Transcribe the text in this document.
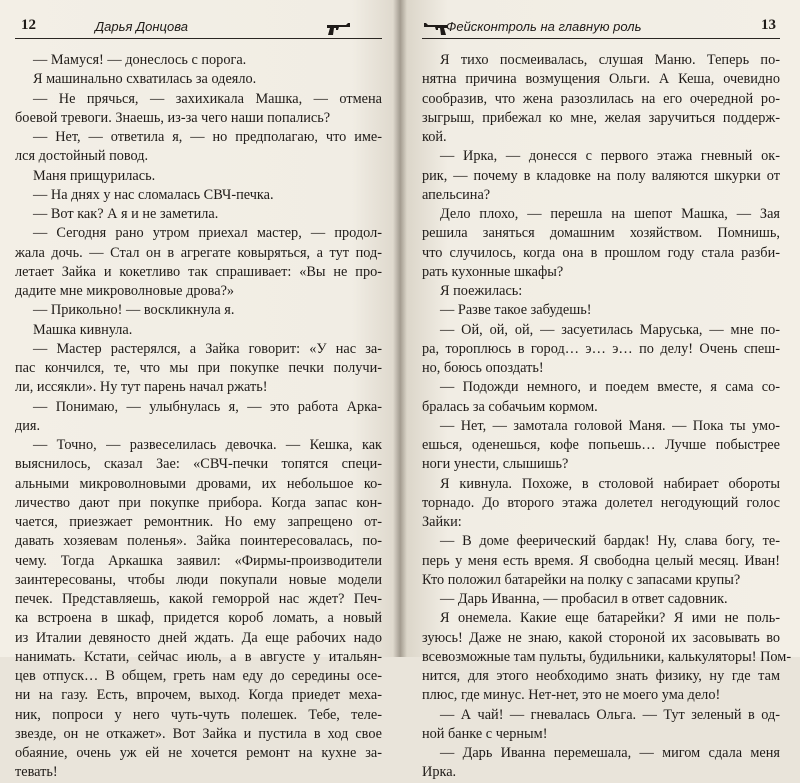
12	Дарья Донцова
— Мамуся! — донеслось с порога.
Я машинально схватилась за одеяло.
— Не прячься, — захихикала Машка, — отмена
боевой тревоги. Знаешь, из-за чего наши попались?
— Нет, — ответила я, — но предполагаю, что име-
лся достойный повод.
Маня прищурилась.
— На днях у нас сломалась СВЧ-печка.
— Вот как? А я и не заметила.
— Сегодня рано утром приехал мастер, — продол-
жала дочь. — Стал он в агрегате ковыряться, а тут под-
летает Зайка и кокетливо так спрашивает: «Вы не про-
дадите мне микроволновые дрова?»
— Прикольно! — воскликнула я.
Машка кивнула.
— Мастер растерялся, а Зайка говорит: «У нас за-
пас кончился, те, что мы при покупке печки получи-
ли, иссякли». Ну тут парень начал ржать!
— Понимаю, — улыбнулась я, — это работа Арка-
дия.
— Точно, — развеселилась девочка. — Кешка, как
выяснилось, сказал Зае: «СВЧ-печки топятся специ-
альными микроволновыми дровами, их небольшое ко-
личество дают при покупке прибора. Когда запас кон-
чается, приезжает ремонтник. Но ему запрещено от-
давать хозяевам поленья». Зайка поинтересовалась, по-
чему. Тогда Аркашка заявил: «Фирмы-производители
заинтересованы, чтобы люди покупали новые модели
печек. Представляешь, какой геморрой нас ждет? Печ-
ка встроена в шкаф, придется короб ломать, а новый
из Италии девяносто дней ждать. Да еще рабочих надо
нанимать. Кстати, сейчас июль, а в августе у итальян-
цев отпуск… В общем, греть нам еду до середины осе-
ни на газу. Есть, впрочем, выход. Когда приедет меха-
ник, попроси у него чуть-чуть полешек. Тебе, теле-
звезде, он не откажет». Вот Зайка и пустила в ход свое
обаяние, очень уж ей не хочется ремонт на кухне за-
тевать!
Фейсконтроль на главную роль	13
Я тихо посмеивалась, слушая Маню. Теперь по-
нятна причина возмущения Ольги. А Кеша, очевидно
сообразив, что жена разозлилась на его очередной ро-
зыгрыш, прибежал ко мне, желая заручиться поддерж-
кой.
— Ирка, — донесся с первого этажа гневный ок-
рик, — почему в кладовке на полу валяются шкурки от
апельсина?
Дело плохо, — перешла на шепот Машка, — Зая
решила заняться домашним хозяйством. Помнишь,
что случилось, когда она в прошлом году стала разби-
рать кухонные шкафы?
Я поежилась:
— Разве такое забудешь!
— Ой, ой, ой, — засуетилась Маруська, — мне по-
ра, тороплюсь в город… э… э… по делу! Очень спеш-
но, боюсь опоздать!
— Подожди немного, и поедем вместе, я сама со-
бралась за собачьим кормом.
— Нет, — замотала головой Маня. — Пока ты умо-
ешься, оденешься, кофе попьешь… Лучше побыстрее
ноги унести, слышишь?
Я кивнула. Похоже, в столовой набирает обороты
торнадо. До второго этажа долетел негодующий голос
Зайки:
— В доме феерический бардак! Ну, слава богу, те-
перь у меня есть время. Я свободна целый месяц. Иван!
Кто положил батарейки на полку с запасами крупы?
— Дарь Иванна, — пробасил в ответ садовник.
Я онемела. Какие еще батарейки? Я ими не поль-
зуюсь! Даже не знаю, какой стороной их засовывать во
всевозможные там пульты, будильники, калькуляторы! Пом-
нится, для этого необходимо знать физику, ну где там
плюс, где минус. Нет-нет, это не моего ума дело!
— А чай! — гневалась Ольга. — Тут зеленый в од-
ной банке с черным!
— Дарь Иванна перемешала, — мигом сдала меня
Ирка.
